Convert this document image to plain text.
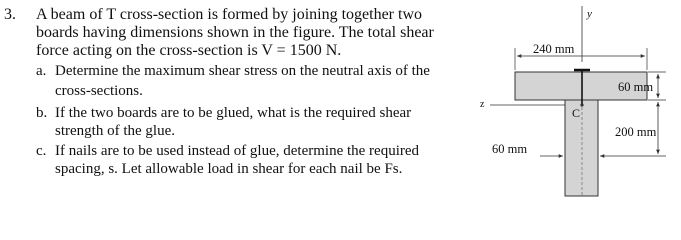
3. A beam of T cross-section is formed by joining together two
boards having dimensions shown in the figure. The total shear
force acting on the cross-section is V = 1500 N.
a. Determine the maximum shear stress on the neutral axis of the
cross-sections.
b. If the two boards are to be glued, what is the required shear
strength of the glue.
c. If nails are to be used instead of glue, determine the required
spacing, s. Let allowable load in shear for each nail be Fs.
y
z
C
240 mm
60 mm
200 mm
60 mm
